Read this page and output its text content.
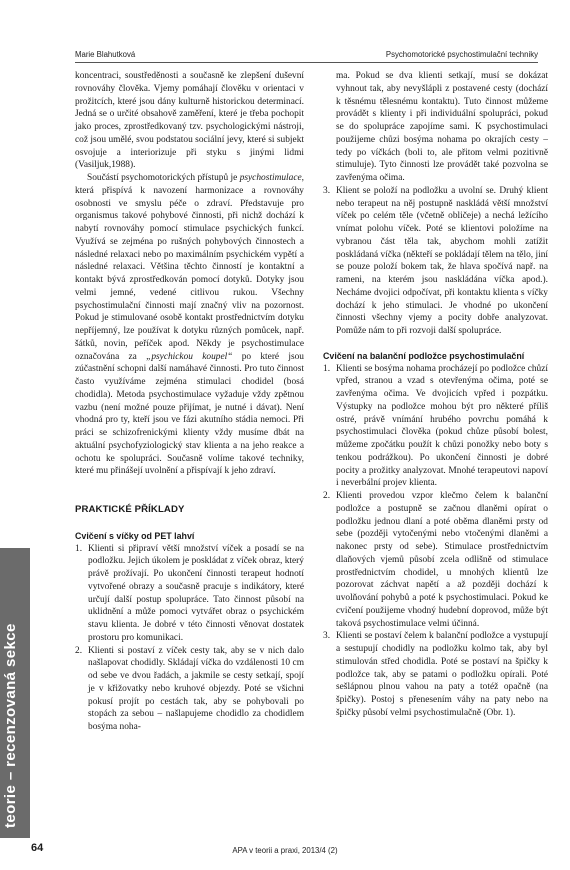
Marie Blahutková	Psychomotorické psychostimulační techniky

koncentraci, soustředěnosti a současně ke zlepšení duševní rovnováhy člověka. Vjemy pomáhají člověku v orientaci v prožitcích, které jsou dány kulturně historickou determinací. Jedná se o určité obsahově zaměření, které je třeba pochopit jako proces, zprostředkovaný tzv. psychologickými nástroji, což jsou umělé, svou podstatou sociální jevy, které si subjekt osvojuje a interiorizuje při styku s jinými lidmi (Vasiljuk,1988).

Součástí psychomotorických přístupů je psychostimulace, která přispívá k navození harmonizace a rovnováhy osobnosti ve smyslu péče o zdraví. Představuje pro organismus takové pohybové činnosti, při nichž dochází k nabytí rovnováhy pomocí stimulace psychických funkcí. Využívá se zejména po rušných pohybových činnostech a následné relaxaci nebo po maximálním psychickém vypětí a následné relaxaci. Většina těchto činností je kontaktní a kontakt bývá zprostředkován pomocí dotyků. Dotyky jsou velmi jemné, vedené citlivou rukou. Všechny psychostimulační činnosti mají značný vliv na pozornost. Pokud je stimulované osobě kontakt prostřednictvím dotyku nepříjemný, lze používat k dotyku různých pomůcek, např. šátků, novin, peříček apod. Někdy je psychostimulace označována za „psychickou koupel“ po které jsou zúčastnění schopni další namáhavé činnosti. Pro tuto činnost často využíváme zejména stimulaci chodidel (bosá chodidla). Metoda psychostimulace vyžaduje vždy zpětnou vazbu (není možné pouze přijímat, je nutné i dávat). Není vhodná pro ty, kteří jsou ve fázi akutního stádia nemoci. Při práci se schizofrenickými klienty vždy musíme dbát na aktuální psychofyziologický stav klienta a na jeho reakce a ochotu ke spolupráci. Současně volíme takové techniky, které mu přinášejí uvolnění a přispívají k jeho zdraví.

PRAKTICKÉ PŘÍKLADY

Cvičení s víčky od PET lahví

1. Klienti si připraví větší množství víček a posadí se na podložku. Jejich úkolem je poskládat z víček obraz, který právě prožívají. Po ukončení činnosti terapeut hodnotí vytvořené obrazy a současně pracuje s indikátory, které určují další postup spolupráce. Tato činnost působí na uklidnění a může pomoci vytvářet obraz o psychickém stavu klienta. Je dobré v této činnosti věnovat dostatek prostoru pro komunikaci.
2. Klienti si postaví z víček cesty tak, aby se v nich dalo našlapovat chodidly. Skládají víčka do vzdálenosti 10 cm od sebe ve dvou řadách, a jakmile se cesty setkají, spojí je v křižovatky nebo kruhové objezdy. Poté se všichni pokusí projít po cestách tak, aby se pohybovali po stopách za sebou – našlapujeme chodidlo za chodidlem bosýma noha-

ma. Pokud se dva klienti setkají, musí se dokázat vyhnout tak, aby nevyšlápli z postavené cesty (dochází k těsnému tělesnému kontaktu). Tuto činnost můžeme provádět s klienty i při individuální spolupráci, pokud se do spolupráce zapojíme sami. K psychostimulaci použijeme chůzi bosýma nohama po okrajích cesty – tedy po víčkách (boli to, ale přitom velmi pozitivně stimuluje). Tyto činnosti lze provádět také pozvolna se zavřenýma očima.

3. Klient se položí na podložku a uvolní se. Druhý klient nebo terapeut na něj postupně naskládá větší množství víček po celém těle (včetně obličeje) a nechá ležícího vnímat polohu víček. Poté se klientovi položíme na vybranou část těla tak, abychom mohli zatížit poskládaná víčka (někteří se pokládají tělem na tělo, jiní se pouze položí bokem tak, že hlava spočívá např. na rameni, na kterém jsou naskládána víčka apod.). Necháme dvojici odpočívat, při kontaktu klienta s víčky dochází k jeho stimulaci. Je vhodné po ukončení činnosti všechny vjemy a pocity dobře analyzovat. Pomůže nám to při rozvoji další spolupráce.

Cvičení na balanční podložce psychostimulační

1. Klienti se bosýma nohama procházejí po podložce chůzí vpřed, stranou a vzad s otevřenýma očima, poté se zavřenýma očima. Ve dvojicích vpřed i pozpátku. Výstupky na podložce mohou být pro některé příliš ostré, právě vnímání hrubého povrchu pomáhá k psychostimulaci člověka (pokud chůze působí bolest, můžeme zpočátku použít k chůzi ponožky nebo boty s tenkou podrážkou). Po ukončení činnosti je dobré pocity a prožitky analyzovat. Mnohé terapeutovi napoví i neverbální projev klienta.
2. Klienti provedou vzpor klečmo čelem k balanční podložce a postupně se začnou dlaněmi opírat o podložku jednou dlaní a poté oběma dlaněmi prsty od sebe (později vytočenými nebo vtočenými dlaněmi a nakonec prsty od sebe). Stimulace prostřednictvím dlaňových vjemů působí zcela odlišně od stimulace prostřednictvím chodidel, u mnohých klientů lze pozorovat záchvat napětí a až později dochází k uvolňování pohybů a poté k psychostimulaci. Pokud ke cvičení použijeme vhodný hudební doprovod, může být taková psychostimulace velmi účinná.
3. Klienti se postaví čelem k balanční podložce a vystupují a sestupují chodidly na podložku kolmo tak, aby byl stimulován střed chodidla. Poté se postaví na špičky k podložce tak, aby se patami o podložku opírali. Poté sešlápnou plnou vahou na paty a totéž opačně (na špičky). Postoj s přenesením váhy na paty nebo na špičky působí velmi psychostimulačně (Obr. 1).
teorie – recenzovaná sekce
64	APA v teorii a praxi, 2013/4 (2)
